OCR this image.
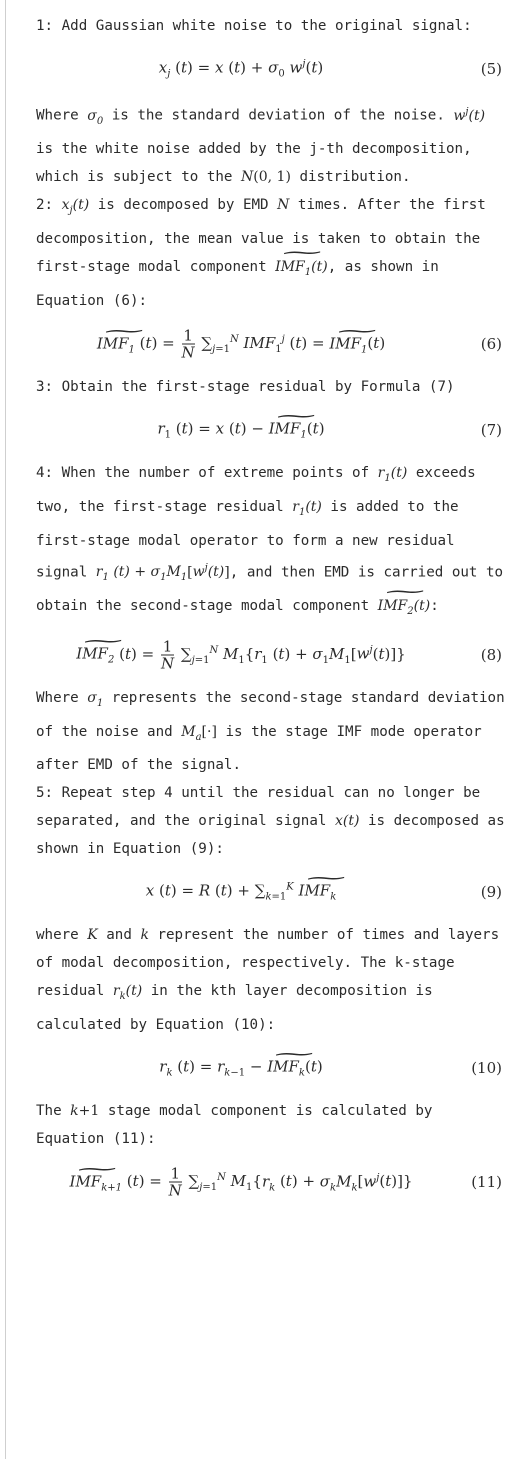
1: Add Gaussian white noise to the original signal:

$x_j$ (t) = x $(t) + \sigma_0$ $w^j(t)$	(5)

Where $\sigma_0$ is the standard deviation of the noise. $w^j(t)$ is the white noise added by the j-th decomposition, which is subject to the N(0, 1) distribution.

2: $x_j(t)$ is decomposed by EMD N times. After the first decomposition, the mean value is taken to obtain the first-stage modal component ~ $IMF_1(t)$, as shown in Equation (6):

~ $IMF_1$ $(t) = \frac{1}{N} \sum_{j=1}^N$ $IMF_1^j$ (t) = ~ $IMF_1(t)$	(6)

3: Obtain the first-stage residual by Formula (7)

$r_1$ (t) = x (t) − ~ $IMF_1(t)$	(7)

4: When the number of extreme points of $r_1(t)$ exceeds two, the first-stage residual $r_1(t)$ is added to the first-stage modal operator to form a new residual signal $r_1$ $(t) + \sigma_1M_1[w^j(t)]$, and then EMD is carried out to obtain the second-stage modal component ~ $IMF_2(t)$:

~ $IMF_2$ $(t) = \frac{1}{N} \sum_{j=1}^N$ $M_1\{r_1$ $(t) + \sigma_1M_1[w^j(t)]$}	(8)

Where $\sigma_1$ represents the second-stage standard deviation of the noise and $M_a[\cdot]$ is the stage IMF mode operator after EMD of the signal.

5: Repeat step 4 until the residual can no longer be separated, and the original signal x(t) is decomposed as shown in Equation (9):

x (t) = R $(t) + \sum_{k=1}^K$ ~ $IMF_k$	(9)

where K and k represent the number of times and layers of modal decomposition, respectively. The k-stage residual $r_k(t)$ in the kth layer decomposition is calculated by Equation (10):

$r_k$ $(t) = r_{k-1}$ − ~ $IMF_k(t)$	(10)

The k+1 stage modal component is calculated by Equation (11):

~ $IMF_{k+1}$ $(t) = \frac{1}{N} \sum_{j=1}^N$ $M_1\{r_k$ $(t) + \sigma_kM_k[w^j(t)]$}	(11)
